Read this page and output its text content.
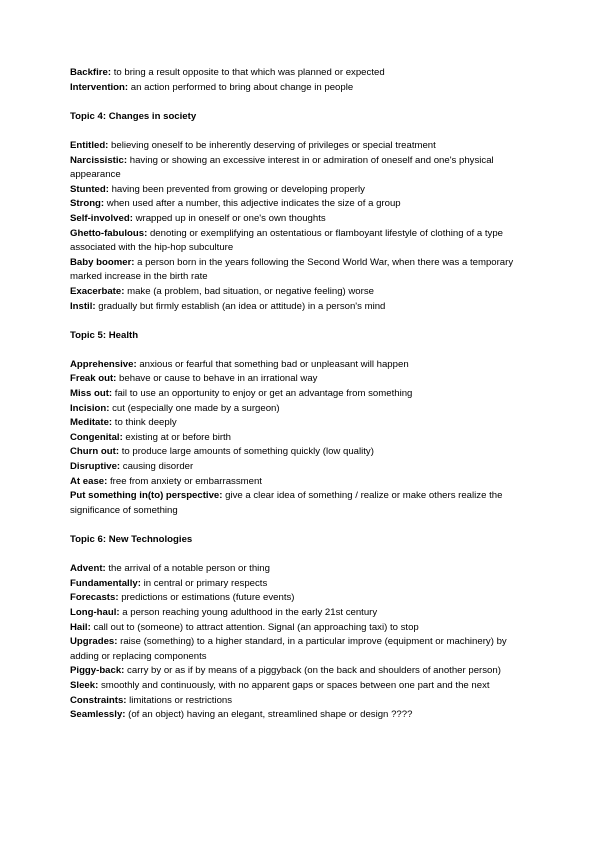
Backfire: to bring a result opposite to that which was planned or expected

Intervention: an action performed to bring about change in people

Topic 4: Changes in society

Entitled: believing oneself to be inherently deserving of privileges or special treatment

Narcissistic: having or showing an excessive interest in or admiration of oneself and one's physical appearance

Stunted: having been prevented from growing or developing properly

Strong: when used after a number, this adjective indicates the size of a group

Self-involved: wrapped up in oneself or one's own thoughts

Ghetto-fabulous: denoting or exemplifying an ostentatious or flamboyant lifestyle of clothing of a type associated with the hip-hop subculture

Baby boomer: a person born in the years following the Second World War, when there was a temporary marked increase in the birth rate

Exacerbate: make (a problem, bad situation, or negative feeling) worse

Instil: gradually but firmly establish (an idea or attitude) in a person's mind

Topic 5: Health

Apprehensive: anxious or fearful that something bad or unpleasant will happen

Freak out: behave or cause to behave in an irrational way

Miss out: fail to use an opportunity to enjoy or get an advantage from something

Incision: cut (especially one made by a surgeon)

Meditate: to think deeply

Congenital: existing at or before birth

Churn out: to produce large amounts of something quickly (low quality)

Disruptive: causing disorder

At ease: free from anxiety or embarrassment

Put something in(to) perspective: give a clear idea of something / realize or make others realize the significance of something

Topic 6: New Technologies

Advent: the arrival of a notable person or thing

Fundamentally: in central or primary respects

Forecasts: predictions or estimations (future events)

Long-haul: a person reaching young adulthood in the early 21st century

Hail: call out to (someone) to attract attention. Signal (an approaching taxi) to stop

Upgrades: raise (something) to a higher standard, in a particular improve (equipment or machinery) by adding or replacing components

Piggy-back: carry by or as if by means of a piggyback (on the back and shoulders of another person)

Sleek: smoothly and continuously, with no apparent gaps or spaces between one part and the next

Constraints: limitations or restrictions

Seamlessly: (of an object) having an elegant, streamlined shape or design ????
